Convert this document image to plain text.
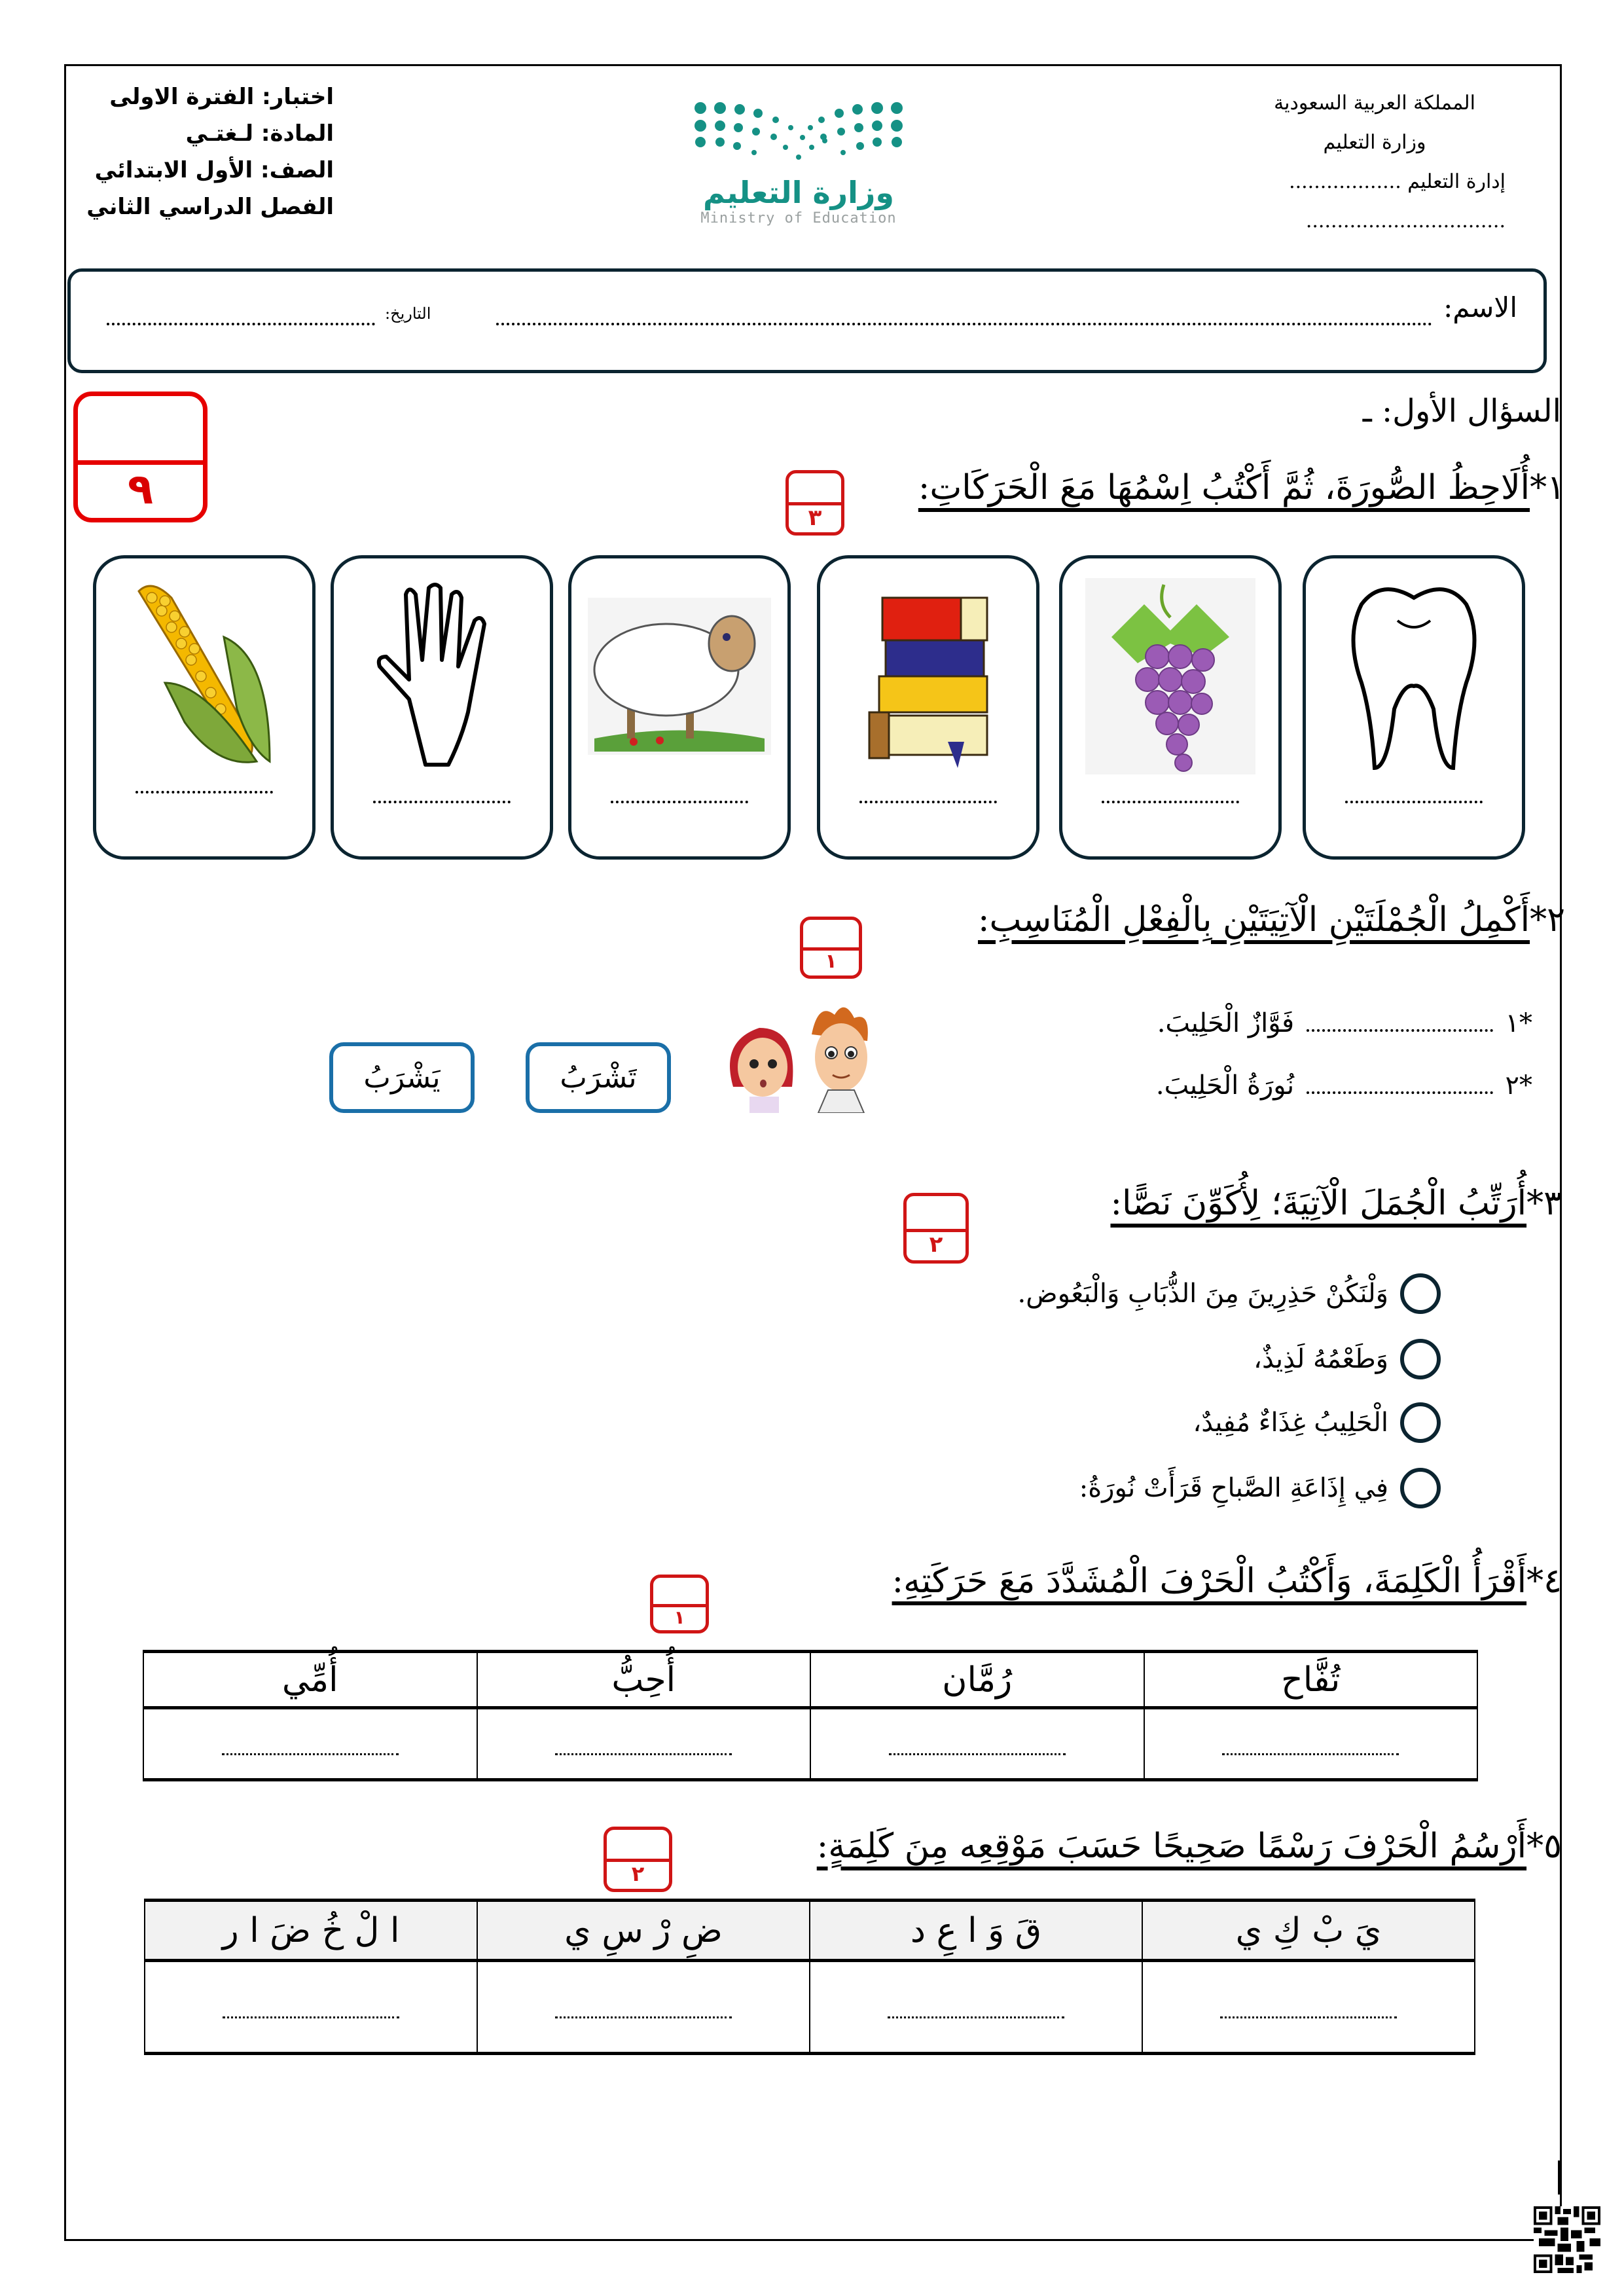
اختبار: الفترة الاولى
المادة: لـغتـي
الصف: الأول الابتدائي
الفصل الدراسي الثاني	وزارة التعليم
Ministry of Education
المملكة العربية السعودية
وزارة التعليم
إدارة التعليم ..................
................................
الاسم:
التاريخ:
٩
السؤال الأول: ـ
١*أُلَاحِظُ الصُّورَةَ، ثُمَّ أَكْتُبُ اِسْمُهَا مَعَ الْحَرَكَاتِ:
٣
٢*أَكْمِلُ الْجُمْلَتَيْنِ الْآتِيَتَيْنِ بِالْفِعْلِ الْمُنَاسِبِ:
١
*١  فَوَّازٌ الْحَلِيبَ.
*٢  نُورَةُ الْحَلِيبَ.
تَشْرَبُ
يَشْرَبُ
٣*أُرَتِّبُ الْجُمَلَ الْآتِيَةَ؛ لِأُكَوِّنَ نَصًّا:
٢
وَلْنَكُنْ حَذِرِينَ مِنَ الذُّبَابِ وَالْبَعُوض.
وَطَعْمُهُ لَذِيذٌ،
الْحَلِيبُ غِذَاءٌ مُفِيدٌ،
فِي إِذَاعَةِ الصَّباحِ قَرَأَتْ نُورَةُ:
٤*أَقْرَأُ الْكَلِمَةَ، وَأَكْتُبُ الْحَرْفَ الْمُشَدَّدَ مَعَ حَرَكَتِهِ:
١
تُفَّاح	رُمَّان	أُحِبُّ	أُمِّي

٥*أَرْسُمُ الْحَرْفَ رَسْمًا صَحِيحًا حَسَبَ مَوْقِعِه مِنَ كَلِمَةٍ:
٢
يَ بْ كِ ي	قَ وَ ا عِ د	ضِ رْ سِ ي	ا لْ خُ ضَ ا ر
